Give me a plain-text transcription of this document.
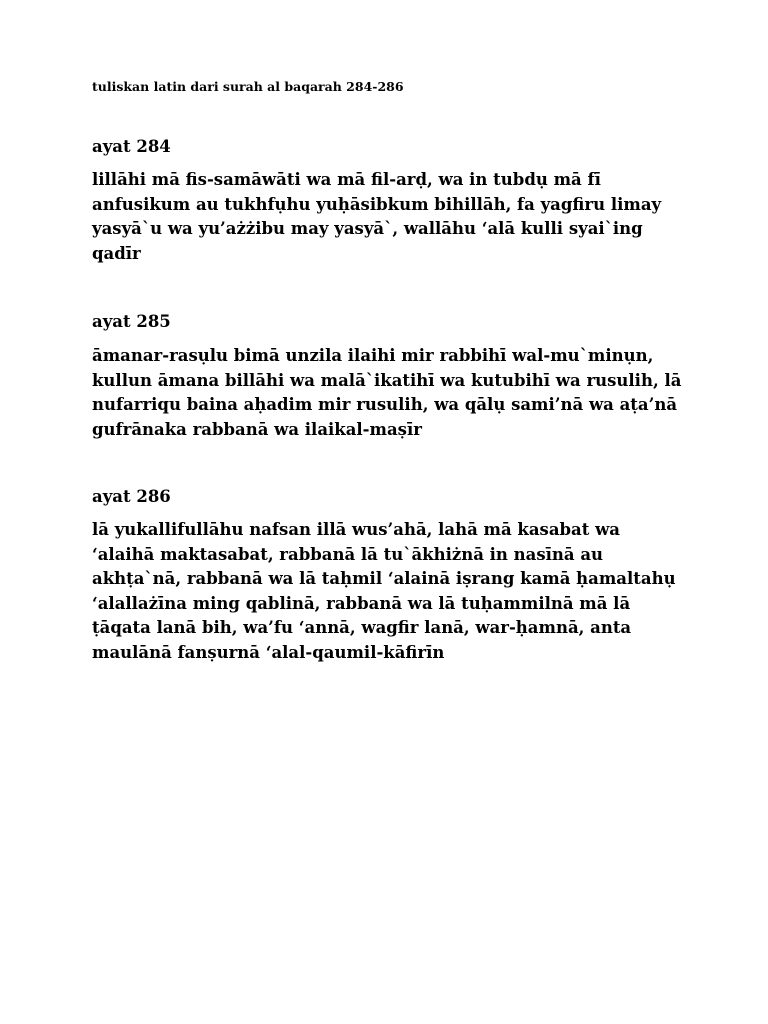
tuliskan latin dari surah al baqarah 284-286
ayat 284
lillāhi mā fis-samāwāti wa mā fil-arḍ, wa in tubdụ mā fī
anfusikum au tukhfụhu yuḥāsibkum bihillāh, fa yagfiru limay
yasyā`u wa yu’ażżibu may yasyā`, wallāhu ‘alā kulli syai`ing
qadīr
ayat 285
āmanar-rasụlu bimā unzila ilaihi mir rabbihī wal-mu`minụn,
kullun āmana billāhi wa malā`ikatihī wa kutubihī wa rusulih, lā
nufarriqu baina aḥadim mir rusulih, wa qālụ sami’nā wa aṭa’nā
gufrānaka rabbanā wa ilaikal-maṣīr
ayat 286
lā yukallifullāhu nafsan illā wus’ahā, lahā mā kasabat wa
‘alaihā maktasabat, rabbanā lā tu`ākhiżnā in nasīnā au
akhṭa`nā, rabbanā wa lā taḥmil ‘alainā iṣrang kamā ḥamaltahụ
‘alallażīna ming qablinā, rabbanā wa lā tuḥammilnā mā lā
ṭāqata lanā bih, wa’fu ‘annā, wagfir lanā, war-ḥamnā, anta
maulānā fanṣurnā ‘alal-qaumil-kāfirīn
